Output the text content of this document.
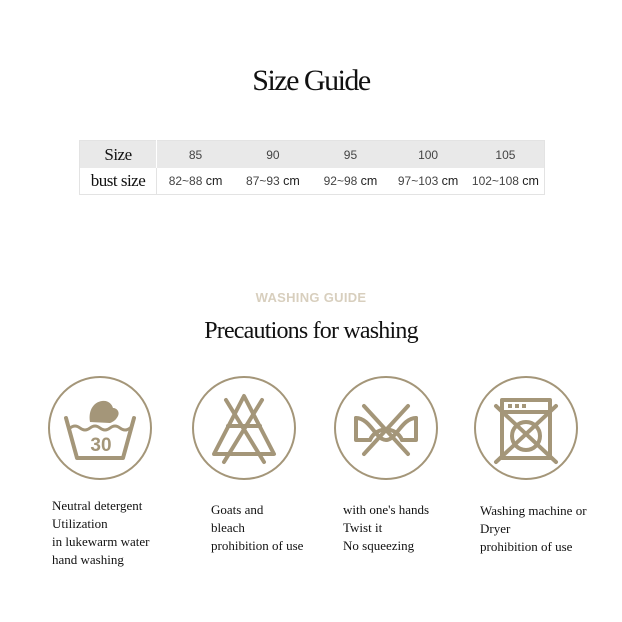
Size Guide
Size	85	90	95	100	105
bust size	82~88 cm	87~93 cm	92~98 cm	97~103 cm	102~108 cm
WASHING GUIDE
Precautions for washing
30
Neutral detergent
Utilization
in lukewarm water
hand washing
Goats and
bleach
prohibition of use
with one's hands
Twist it
No squeezing
Washing machine or
Dryer
prohibition of use
